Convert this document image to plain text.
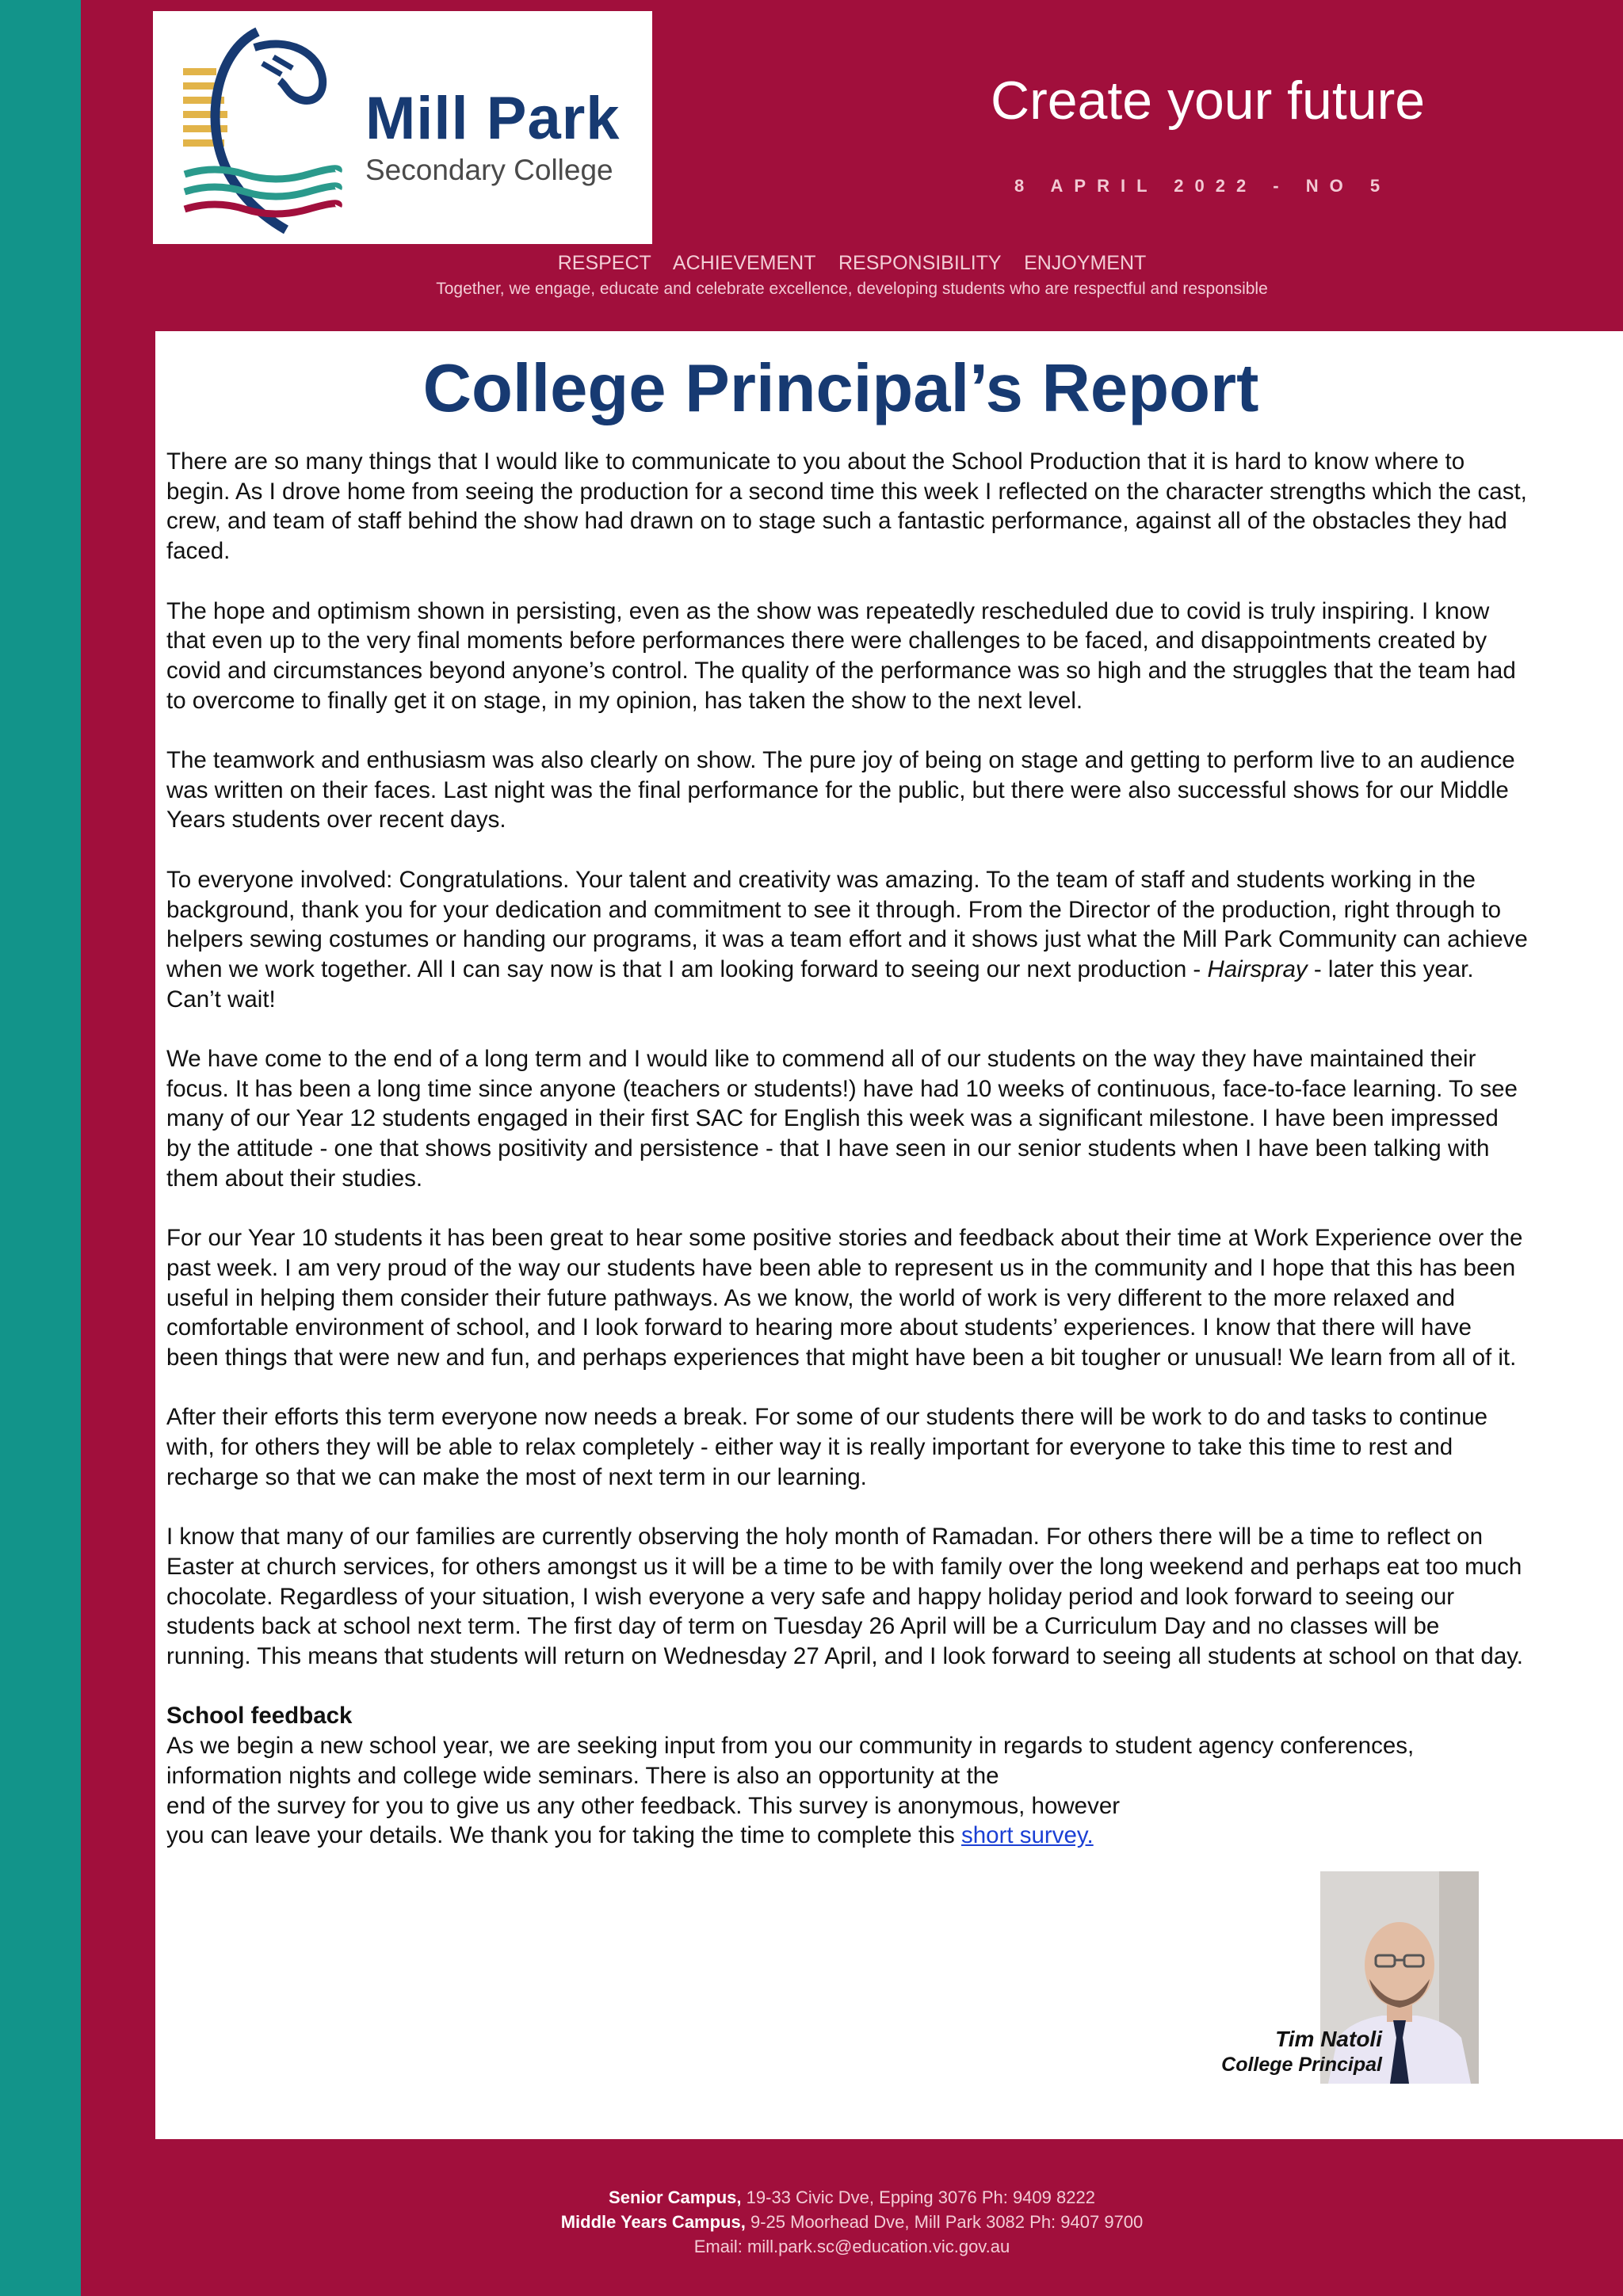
Mill Park
Secondary College
Create your future
8 APRIL 2022 - NO 5
RESPECT ACHIEVEMENT RESPONSIBILITY ENJOYMENT
Together, we engage, educate and celebrate excellence, developing students who are respectful and responsible
College Principal’s Report

There are so many things that I would like to communicate to you about the School Production that it is hard to know where to begin. As I drove home from seeing the production for a second time this week I reflected on the character strengths which the cast, crew, and team of staff behind the show had drawn on to stage such a fantastic performance, against all of the obstacles they had faced.

The hope and optimism shown in persisting, even as the show was repeatedly rescheduled due to covid is truly inspiring. I know that even up to the very final moments before performances there were challenges to be faced, and disappointments created by covid and circumstances beyond anyone’s control. The quality of the performance was so high and the struggles that the team had to overcome to finally get it on stage, in my opinion, has taken the show to the next level.

The teamwork and enthusiasm was also clearly on show. The pure joy of being on stage and getting to perform live to an audience was written on their faces. Last night was the final performance for the public, but there were also successful shows for our Middle Years students over recent days.

To everyone involved: Congratulations. Your talent and creativity was amazing. To the team of staff and students working in the background, thank you for your dedication and commitment to see it through. From the Director of the production, right through to helpers sewing costumes or handing our programs, it was a team effort and it shows just what the Mill Park Community can achieve when we work together. All I can say now is that I am looking forward to seeing our next production - Hairspray - later this year. Can’t wait!

We have come to the end of a long term and I would like to commend all of our students on the way they have maintained their focus. It has been a long time since anyone (teachers or students!) have had 10 weeks of continuous, face-to-face learning. To see many of our Year 12 students engaged in their first SAC for English this week was a significant milestone. I have been impressed by the attitude - one that shows positivity and persistence - that I have seen in our senior students when I have been talking with them about their studies.

For our Year 10 students it has been great to hear some positive stories and feedback about their time at Work Experience over the past week. I am very proud of the way our students have been able to represent us in the community and I hope that this has been useful in helping them consider their future pathways. As we know, the world of work is very different to the more relaxed and comfortable environment of school, and I look forward to hearing more about students’ experiences. I know that there will have been things that were new and fun, and perhaps experiences that might have been a bit tougher or unusual! We learn from all of it.

After their efforts this term everyone now needs a break. For some of our students there will be work to do and tasks to continue with, for others they will be able to relax completely - either way it is really important for everyone to take this time to rest and recharge so that we can make the most of next term in our learning.

I know that many of our families are currently observing the holy month of Ramadan. For others there will be a time to reflect on Easter at church services, for others amongst us it will be a time to be with family over the long weekend and perhaps eat too much chocolate. Regardless of your situation, I wish everyone a very safe and happy holiday period and look forward to seeing our students back at school next term. The first day of term on Tuesday 26 April will be a Curriculum Day and no classes will be running. This means that students will return on Wednesday 27 April, and I look forward to seeing all students at school on that day.

School feedback
As we begin a new school year, we are seeking input from you our community in regards to student agency conferences, information nights and college wide seminars. There is also an opportunity at the
end of the survey for you to give us any other feedback. This survey is anonymous, however
you can leave your details. We thank you for taking the time to complete this short survey.
Tim Natoli
College Principal
Senior Campus, 19-33 Civic Dve, Epping 3076 Ph: 9409 8222
Middle Years Campus, 9-25 Moorhead Dve, Mill Park 3082 Ph: 9407 9700
Email: mill.park.sc@education.vic.gov.au
